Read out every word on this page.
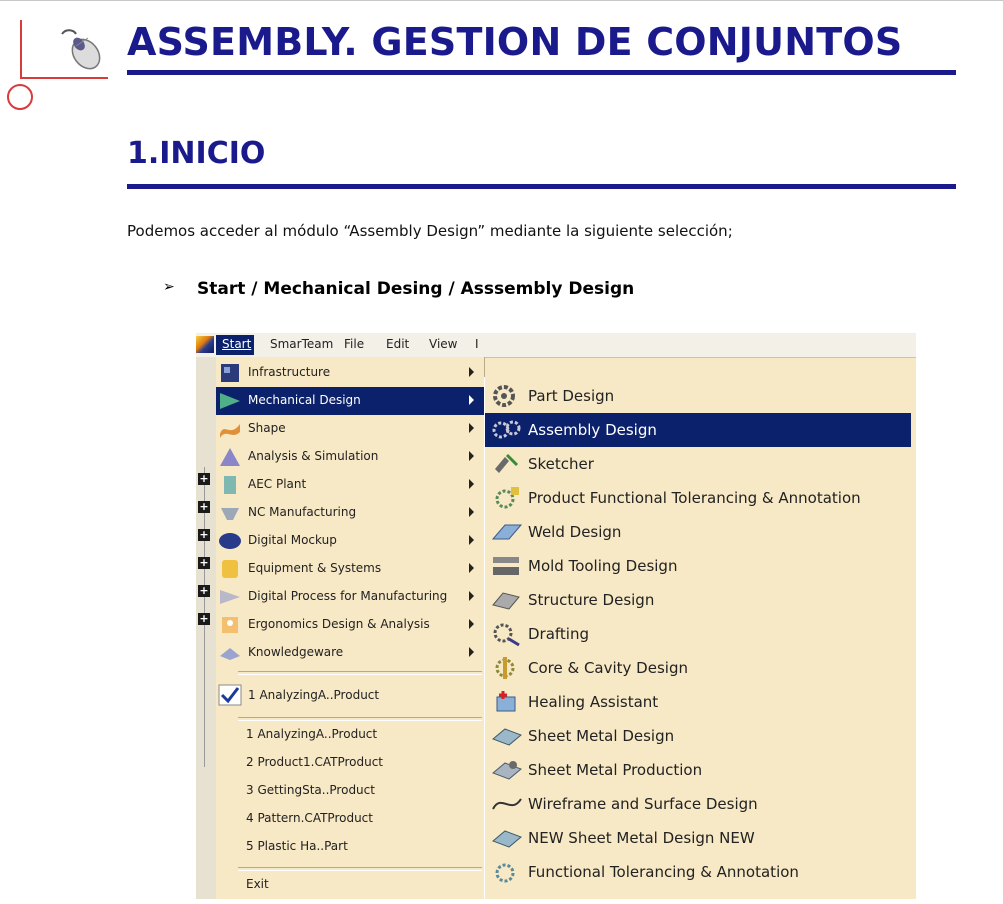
ASSEMBLY. GESTION DE CONJUNTOS
1.INICIO
Podemos acceder al módulo “Assembly Design” mediante la siguiente selección;
➢ Start / Mechanical Desing / Asssembly Design
Start SmarTeam File Edit View I
+
+
+
+
+
+
Infrastructure
Mechanical Design
Shape
Analysis & Simulation
AEC Plant
NC Manufacturing
Digital Mockup
Equipment & Systems
Digital Process for Manufacturing
Ergonomics Design & Analysis
Knowledgeware
1 AnalyzingA..Product
1 AnalyzingA..Product
2 Product1.CATProduct
3 GettingSta..Product
4 Pattern.CATProduct
5 Plastic Ha..Part
Exit
Part Design
Assembly Design
Sketcher
Product Functional Tolerancing & Annotation
Weld Design
Mold Tooling Design
Structure Design
Drafting
Core & Cavity Design
Healing Assistant
Sheet Metal Design
Sheet Metal Production
Wireframe and Surface Design
NEW Sheet Metal Design NEW
Functional Tolerancing & Annotation
